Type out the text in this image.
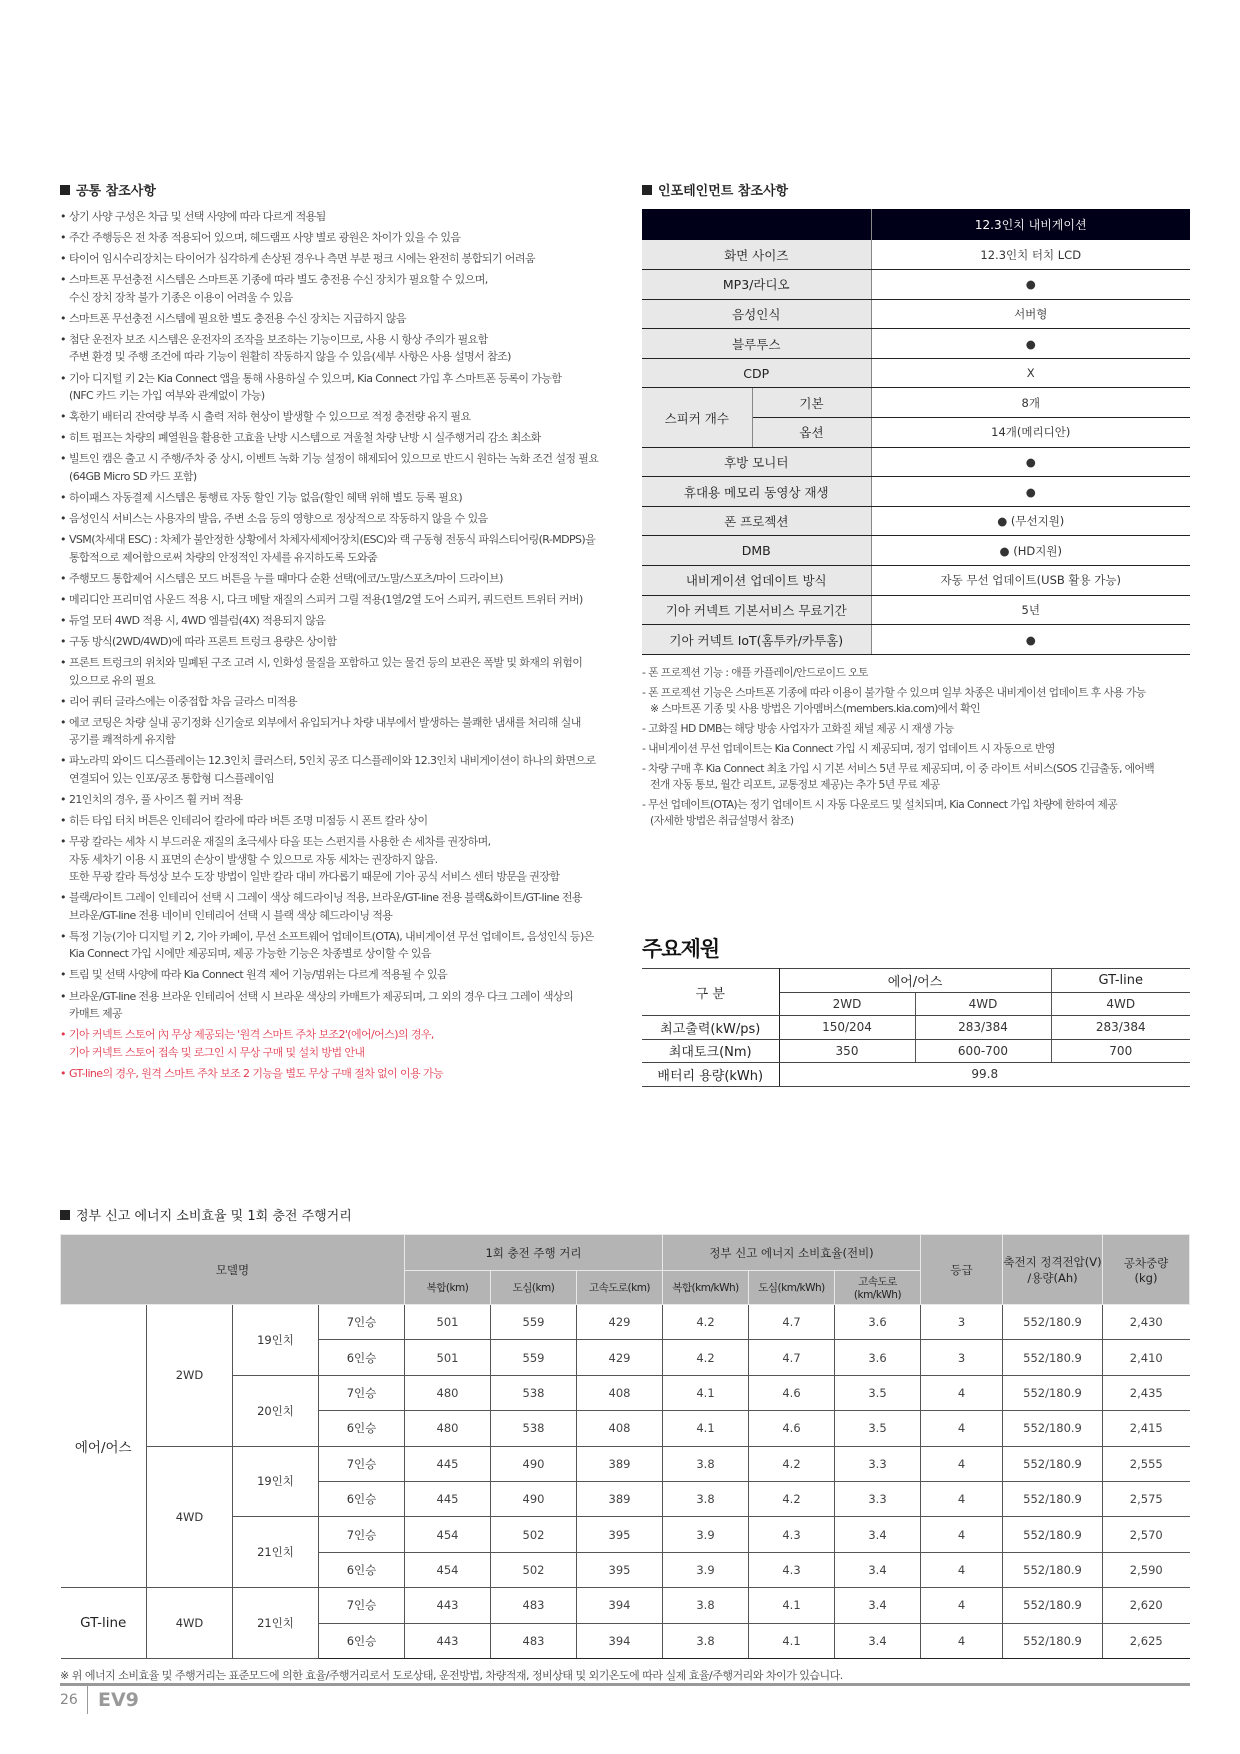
공통 참조사항
• 상기 사양 구성은 차급 및 선택 사양에 따라 다르게 적용됨
• 주간 주행등은 전 차종 적용되어 있으며, 헤드램프 사양 별로 광원은 차이가 있을 수 있음
• 타이어 임시수리장치는 타이어가 심각하게 손상된 경우나 측면 부분 펑크 시에는 완전히 봉합되기 어려움
• 스마트폰 무선충전 시스템은 스마트폰 기종에 따라 별도 충전용 수신 장치가 필요할 수 있으며,
수신 장치 장착 불가 기종은 이용이 어려울 수 있음
• 스마트폰 무선충전 시스템에 필요한 별도 충전용 수신 장치는 지급하지 않음
• 첨단 운전자 보조 시스템은 운전자의 조작을 보조하는 기능이므로, 사용 시 항상 주의가 필요함
주변 환경 및 주행 조건에 따라 기능이 원활히 작동하지 않을 수 있음(세부 사항은 사용 설명서 참조)
• 기아 디지털 키 2는 Kia Connect 앱을 통해 사용하실 수 있으며, Kia Connect 가입 후 스마트폰 등록이 가능함
(NFC 카드 키는 가입 여부와 관계없이 가능)
• 혹한기 배터리 잔여량 부족 시 출력 저하 현상이 발생할 수 있으므로 적정 충전량 유지 필요
• 히트 펌프는 차량의 폐열원을 활용한 고효율 난방 시스템으로 겨울철 차량 난방 시 실주행거리 감소 최소화
• 빌트인 캠은 출고 시 주행/주차 중 상시, 이벤트 녹화 기능 설정이 해제되어 있으므로 반드시 원하는 녹화 조건 설정 필요
(64GB Micro SD 카드 포함)
• 하이패스 자동결제 시스템은 통행료 자동 할인 기능 없음(할인 혜택 위해 별도 등록 필요)
• 음성인식 서비스는 사용자의 발음, 주변 소음 등의 영향으로 정상적으로 작동하지 않을 수 있음
• VSM(차세대 ESC) : 차체가 불안정한 상황에서 차체자세제어장치(ESC)와 랙 구동형 전동식 파워스티어링(R-MDPS)을
통합적으로 제어함으로써 차량의 안정적인 자세를 유지하도록 도와줌
• 주행모드 통합제어 시스템은 모드 버튼을 누를 때마다 순환 선택(에코/노말/스포츠/마이 드라이브)
• 메리디안 프리미엄 사운드 적용 시, 다크 메탈 재질의 스피커 그릴 적용(1열/2열 도어 스피커, 쿼드런트 트위터 커버)
• 듀얼 모터 4WD 적용 시, 4WD 엠블럼(4X) 적용되지 않음
• 구동 방식(2WD/4WD)에 따라 프론트 트렁크 용량은 상이함
• 프론트 트렁크의 위치와 밀폐된 구조 고려 시, 인화성 물질을 포함하고 있는 물건 등의 보관은 폭발 및 화재의 위험이
있으므로 유의 필요
• 리어 쿼터 글라스에는 이중접합 차음 글라스 미적용
• 에코 코팅은 차량 실내 공기정화 신기술로 외부에서 유입되거나 차량 내부에서 발생하는 불쾌한 냄새를 처리해 실내
공기를 쾌적하게 유지함
• 파노라믹 와이드 디스플레이는 12.3인치 클러스터, 5인치 공조 디스플레이와 12.3인치 내비게이션이 하나의 화면으로
연결되어 있는 인포/공조 통합형 디스플레이임
• 21인치의 경우, 풀 사이즈 휠 커버 적용
• 히든 타입 터치 버튼은 인테리어 칼라에 따라 버튼 조명 미점등 시 폰트 칼라 상이
• 무광 칼라는 세차 시 부드러운 재질의 초극세사 타올 또는 스펀지를 사용한 손 세차를 권장하며,
자동 세차기 이용 시 표면의 손상이 발생할 수 있으므로 자동 세차는 권장하지 않음.
또한 무광 칼라 특성상 보수 도장 방법이 일반 칼라 대비 까다롭기 때문에 기아 공식 서비스 센터 방문을 권장함
• 블랙/라이트 그레이 인테리어 선택 시 그레이 색상 헤드라이닝 적용, 브라운/GT-line 전용 블랙&화이트/GT-line 전용
브라운/GT-line 전용 네이비 인테리어 선택 시 블랙 색상 헤드라이닝 적용
• 특정 기능(기아 디지털 키 2, 기아 카페이, 무선 소프트웨어 업데이트(OTA), 내비게이션 무선 업데이트, 음성인식 등)은
Kia Connect 가입 시에만 제공되며, 제공 가능한 기능은 차종별로 상이할 수 있음
• 트림 및 선택 사양에 따라 Kia Connect 원격 제어 기능/범위는 다르게 적용될 수 있음
• 브라운/GT-line 전용 브라운 인테리어 선택 시 브라운 색상의 카매트가 제공되며, 그 외의 경우 다크 그레이 색상의
카매트 제공
• 기아 커넥트 스토어 內 무상 제공되는 '원격 스마트 주차 보조2'(에어/어스)의 경우,
기아 커넥트 스토어 접속 및 로그인 시 무상 구매 및 설치 방법 안내
• GT-line의 경우, 원격 스마트 주차 보조 2 기능을 별도 무상 구매 절차 없이 이용 가능
인포테인먼트 참조사항
		12.3인치 내비게이션
화면 사이즈		12.3인치 터치 LCD
MP3/라디오		●
음성인식		서버형
블루투스		●
CDP		X
스피커 개수	기본	8개
	옵션	14개(메리디안)
후방 모니터		●
휴대용 메모리 동영상 재생		●
폰 프로젝션		● (무선지원)
DMB		● (HD지원)
내비게이션 업데이트 방식		자동 무선 업데이트(USB 활용 가능)
기아 커넥트 기본서비스 무료기간		5년
기아 커넥트 IoT(홈투카/카투홈)		●
- 폰 프로젝션 기능 : 애플 카플레이/안드로이드 오토
- 폰 프로젝션 기능은 스마트폰 기종에 따라 이용이 불가할 수 있으며 일부 차종은 내비게이션 업데이트 후 사용 가능
※ 스마트폰 기종 및 사용 방법은 기아멤버스(members.kia.com)에서 확인
- 고화질 HD DMB는 해당 방송 사업자가 고화질 채널 제공 시 재생 가능
- 내비게이션 무선 업데이트는 Kia Connect 가입 시 제공되며, 정기 업데이트 시 자동으로 반영
- 차량 구매 후 Kia Connect 최초 가입 시 기본 서비스 5년 무료 제공되며, 이 중 라이트 서비스(SOS 긴급출동, 에어백
전개 자동 통보, 월간 리포트, 교통정보 제공)는 추가 5년 무료 제공
- 무선 업데이트(OTA)는 정기 업데이트 시 자동 다운로드 및 설치되며, Kia Connect 가입 차량에 한하여 제공
(자세한 방법은 취급설명서 참조)
주요제원
구 분	에어/어스		GT-line
	2WD	4WD	4WD
최고출력(kW/ps)	150/204	283/384	283/384
최대토크(Nm)	350	600-700	700
배터리 용량(kWh)	99.8		
정부 신고 에너지 소비효율 및 1회 충전 주행거리
모델명				1회 충전 주행 거리			정부 신고 에너지 소비효율(전비)			등급	축전지 정격전압(V)
/용량(Ah)	공차중량
(kg)
				복합(km)	도심(km)	고속도로(km)	복합(km/kWh)	도심(km/kWh)	고속도로(km/kWh)			
에어/어스	2WD	19인치	7인승	501	559	429	4.2	4.7	3.6	3	552/180.9	2,430
			6인승	501	559	429	4.2	4.7	3.6	3	552/180.9	2,410
		20인치	7인승	480	538	408	4.1	4.6	3.5	4	552/180.9	2,435
			6인승	480	538	408	4.1	4.6	3.5	4	552/180.9	2,415
	4WD	19인치	7인승	445	490	389	3.8	4.2	3.3	4	552/180.9	2,555
			6인승	445	490	389	3.8	4.2	3.3	4	552/180.9	2,575
		21인치	7인승	454	502	395	3.9	4.3	3.4	4	552/180.9	2,570
			6인승	454	502	395	3.9	4.3	3.4	4	552/180.9	2,590
GT-line	4WD	21인치	7인승	443	483	394	3.8	4.1	3.4	4	552/180.9	2,620
			6인승	443	483	394	3.8	4.1	3.4	4	552/180.9	2,625
※ 위 에너지 소비효율 및 주행거리는 표준모드에 의한 효율/주행거리로서 도로상태, 운전방법, 차량적재, 정비상태 및 외기온도에 따라 실제 효율/주행거리와 차이가 있습니다.
26 EV9
